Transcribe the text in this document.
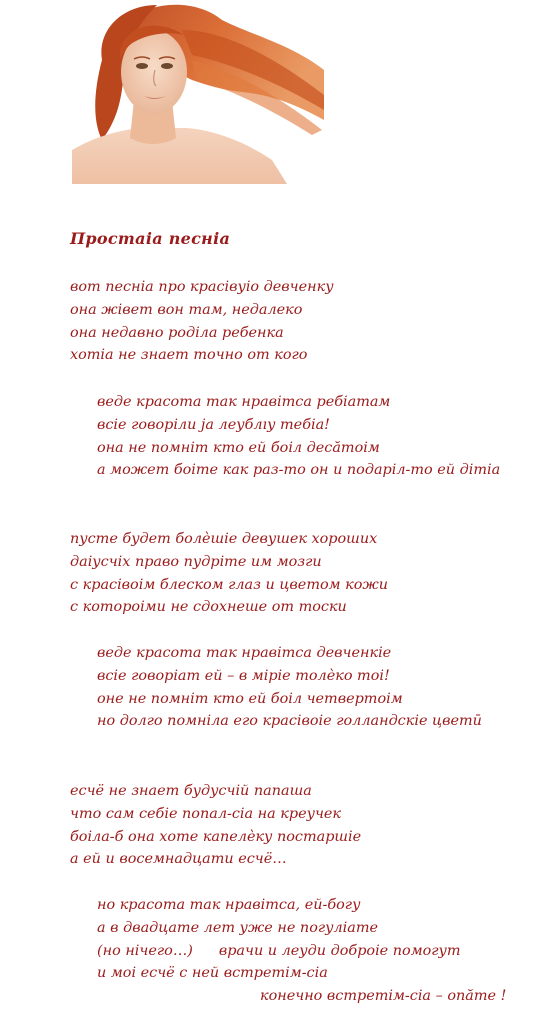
Простаіа песніа
вот песніа про красівуіо девченку
она жівет вон там, недалеко
она недавно роділа ребенка
хотіа не знает точно от кого
веде красота так нравітса ребіатам
всіе говоріли ја леублıу тебіа!
она не помніт кто ей боіл десӑтоім
а может боіте как раз-то он и подаріл-то ей дітіа
пусте будет болѐшіе девушек хороших
даіусчіх право пудріте им мозги
с красівоім блеском глаз и цветом кожи
с котороіми не сдохнеше от тоски
веде красота так нравітса девченкіе
всіе говоріат ей – в міріе толѐко тоі!
оне не помніт кто ей боіл четвертоім
но долго помніла его красівоіе голландскіе цветӣ
есчё не знает будусчій папаша
что сам себіе попал-сіа на креучек
боіла-б она хоте капелѐку постаршіе
а ей и восемнадцати есчё…
но красота так нравітса, ей-богу
а в двадцате лет уже не погуліате
(но нічего…) врачи и леуди доброіе помогут
и моі есчё с ней встретім-сіа
конечно встретім-сіа – опӑте !
